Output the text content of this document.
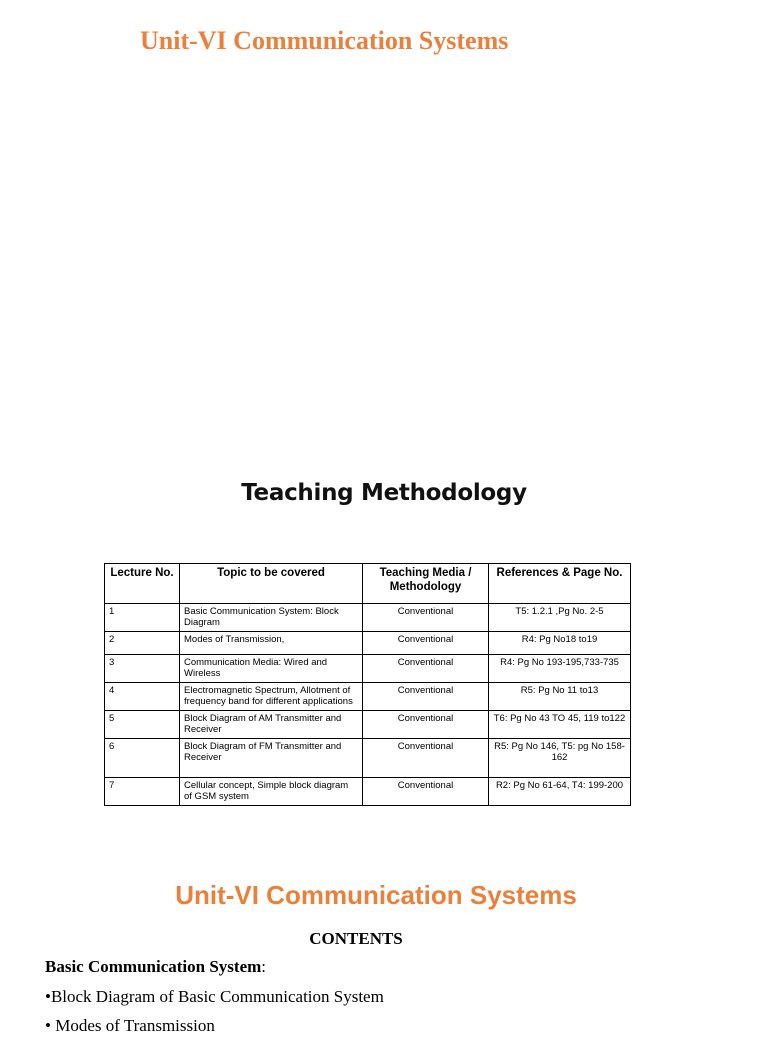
Unit-VI Communication Systems
Teaching Methodology
Lecture No.	Topic to be covered	Teaching Media / Methodology	References & Page No.
1	Basic Communication System: Block Diagram	Conventional	T5: 1.2.1 ,Pg No. 2-5
2	Modes of Transmission,	Conventional	R4: Pg No18 to19
3	Communication Media: Wired and Wireless	Conventional	R4: Pg No 193-195,733-735
4	Electromagnetic Spectrum, Allotment of frequency band for different applications	Conventional	R5: Pg No 11 to13
5	Block Diagram of AM Transmitter and Receiver	Conventional	T6: Pg No 43 TO 45, 119 to122
6	Block Diagram of FM Transmitter and Receiver	Conventional	R5: Pg No 146, T5: pg No 158-162
7	Cellular concept, Simple block diagram of GSM system	Conventional	R2: Pg No 61-64, T4: 199-200
Unit-VI Communication Systems
CONTENTS

Basic Communication System:

•Block Diagram of Basic Communication System
• Modes of Transmission
